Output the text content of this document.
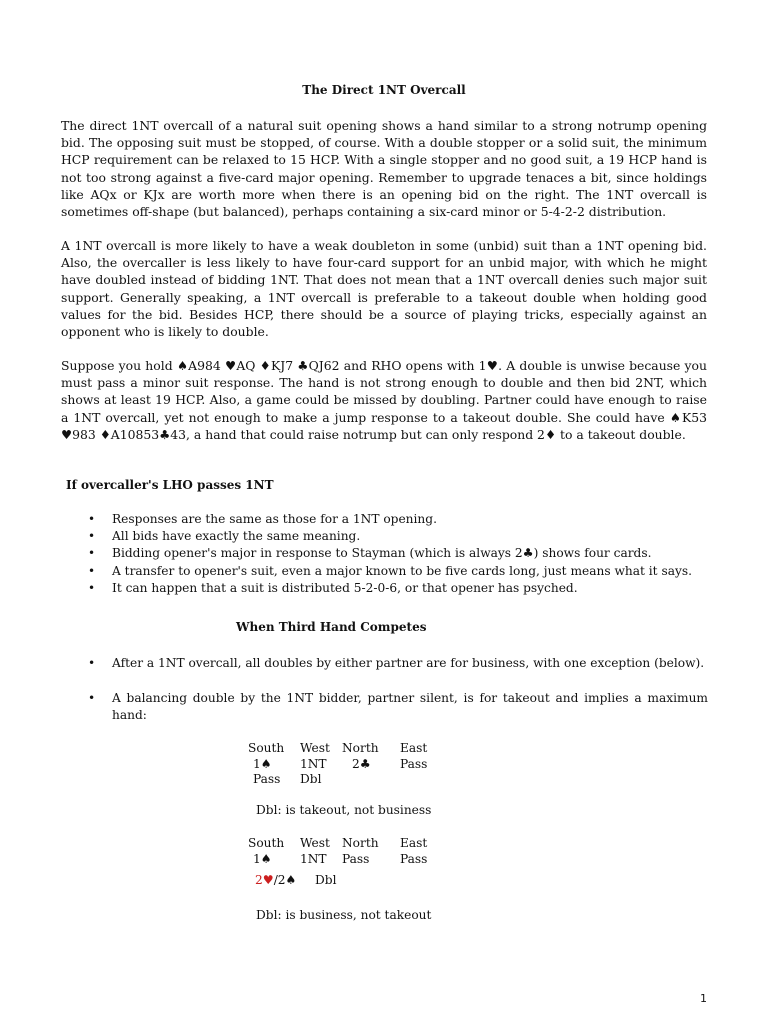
The Direct 1NT Overcall

The direct 1NT overcall of a natural suit opening shows a hand similar to a strong notrump opening bid. The opposing suit must be stopped, of course. With a double stopper or a solid suit, the minimum HCP requirement can be relaxed to 15 HCP. With a single stopper and no good suit, a 19 HCP hand is not too strong against a five-card major opening. Remember to upgrade tenaces a bit, since holdings like AQx or KJx are worth more when there is an opening bid on the right. The 1NT overcall is sometimes off-shape (but balanced), perhaps containing a six-card minor or 5-4-2-2 distribution.

A 1NT overcall is more likely to have a weak doubleton in some (unbid) suit than a 1NT opening bid. Also, the overcaller is less likely to have four-card support for an unbid major, with which he might have doubled instead of bidding 1NT. That does not mean that a 1NT overcall denies such major suit support. Generally speaking, a 1NT overcall is preferable to a takeout double when holding good values for the bid. Besides HCP, there should be a source of playing tricks, especially against an opponent who is likely to double.

Suppose you hold ♠A984 ♥AQ ♦KJ7 ♣QJ62 and RHO opens with 1♥. A double is unwise because you must pass a minor suit response. The hand is not strong enough to double and then bid 2NT, which shows at least 19 HCP. Also, a game could be missed by doubling. Partner could have enough to raise a 1NT overcall, yet not enough to make a jump response to a takeout double. She could have ♠K53 ♥983 ♦A10853♣43, a hand that could raise notrump but can only respond 2♦ to a takeout double.

If overcaller's LHO passes 1NT
• Responses are the same as those for a 1NT opening.
• All bids have exactly the same meaning.
• Bidding opener's major in response to Stayman (which is always 2♣) shows four cards.
• A transfer to opener's suit, even a major known to be five cards long, just means what it says.
• It can happen that a suit is distributed 5-2-0-6, or that opener has psyched.
When Third Hand Competes
• After a 1NT overcall, all doubles by either partner are for business, with one exception (below).
• A balancing double by the 1NT bidder, partner silent, is for takeout and implies a maximum hand:
South	West North	East
1♠	1NT	2♣	Pass
Pass	Dbl
Dbl: is takeout, not business
South	West North	East
1♠	1NT	Pass	Pass
2♥/2♠	Dbl
Dbl: is business, not takeout
1
